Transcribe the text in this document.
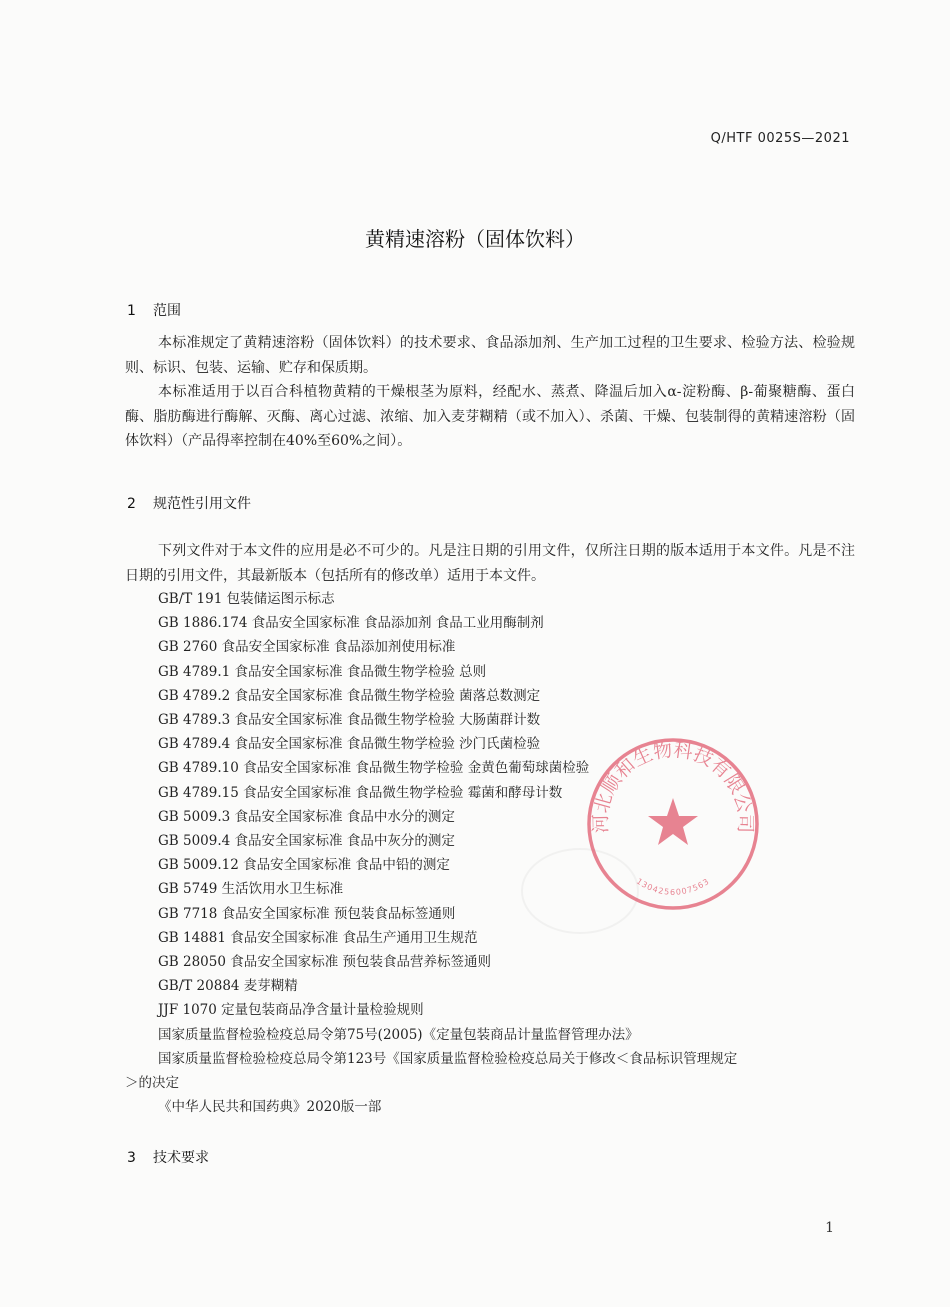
Q/HTF 0025S—2021
黄精速溶粉（固体饮料）
1 范围

本标准规定了黄精速溶粉（固体饮料）的技术要求、食品添加剂、生产加工过程的卫生要求、检验方法、检验规则、标识、包装、运输、贮存和保质期。

本标准适用于以百合科植物黄精的干燥根茎为原料，经配水、蒸煮、降温后加入α-淀粉酶、β-葡聚糖酶、蛋白酶、脂肪酶进行酶解、灭酶、离心过滤、浓缩、加入麦芽糊精（或不加入）、杀菌、干燥、包装制得的黄精速溶粉（固体饮料）（产品得率控制在40%至60%之间）。

2 规范性引用文件

下列文件对于本文件的应用是必不可少的。凡是注日期的引用文件，仅所注日期的版本适用于本文件。凡是不注日期的引用文件，其最新版本（包括所有的修改单）适用于本文件。

GB/T 191 包装储运图示标志
GB 1886.174 食品安全国家标准 食品添加剂 食品工业用酶制剂
GB 2760 食品安全国家标准 食品添加剂使用标准
GB 4789.1 食品安全国家标准 食品微生物学检验 总则
GB 4789.2 食品安全国家标准 食品微生物学检验 菌落总数测定
GB 4789.3 食品安全国家标准 食品微生物学检验 大肠菌群计数
GB 4789.4 食品安全国家标准 食品微生物学检验 沙门氏菌检验
GB 4789.10 食品安全国家标准 食品微生物学检验 金黄色葡萄球菌检验
GB 4789.15 食品安全国家标准 食品微生物学检验 霉菌和酵母计数
GB 5009.3 食品安全国家标准 食品中水分的测定
GB 5009.4 食品安全国家标准 食品中灰分的测定
GB 5009.12 食品安全国家标准 食品中铅的测定
GB 5749 生活饮用水卫生标准
GB 7718 食品安全国家标准 预包装食品标签通则
GB 14881 食品安全国家标准 食品生产通用卫生规范
GB 28050 食品安全国家标准 预包装食品营养标签通则
GB/T 20884 麦芽糊精
JJF 1070 定量包装商品净含量计量检验规则
国家质量监督检验检疫总局令第75号(2005)《定量包装商品计量监督管理办法》
国家质量监督检验检疫总局令第123号《国家质量监督检验检疫总局关于修改＜食品标识管理规定
＞的决定
《中华人民共和国药典》2020版一部
3 技术要求
1
河北顺和生物科技有限公司
1304256007563
